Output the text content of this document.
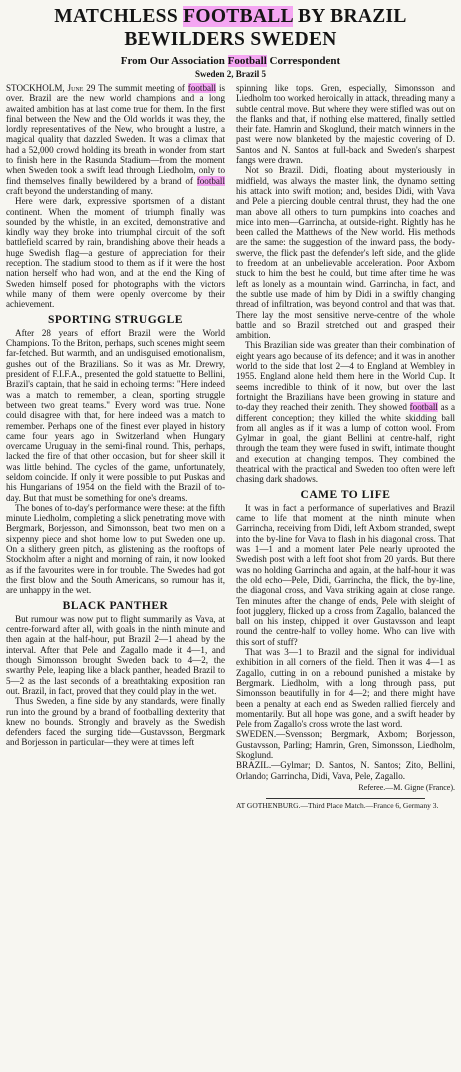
MATCHLESS FOOTBALL BY BRAZIL
BEWILDERS SWEDEN
From Our Association Football Correspondent
Sweden 2, Brazil 5

STOCKHOLM, June 29 The summit meeting of football is over. Brazil are the new world champions and a long awaited ambition has at last come true for them. In the first final between the New and the Old worlds it was they, the lordly representatives of the New, who brought a lustre, a magical quality that dazzled Sweden. It was a climax that had a 52,000 crowd holding its breath in wonder from start to finish here in the Rasunda Stadium—from the moment when Sweden took a swift lead through Liedholm, only to find themselves finally bewildered by a brand of football craft beyond the understanding of many.

Here were dark, expressive sportsmen of a distant continent. When the moment of triumph finally was sounded by the whistle, in an excited, demonstrative and kindly way they broke into triumphal circuit of the soft battlefield scarred by rain, brandishing above their heads a huge Swedish flag—a gesture of appreciation for their reception. The stadium stood to them as if it were the host nation herself who had won, and at the end the King of Sweden himself posed for photographs with the victors while many of them were openly overcome by their achievement.

SPORTING STRUGGLE

After 28 years of effort Brazil were the World Champions. To the Briton, perhaps, such scenes might seem far-fetched. But warmth, and an undisguised emotionalism, gushes out of the Brazilians. So it was as Mr. Drewry, president of F.I.F.A., presented the gold statuette to Bellini, Brazil's captain, that he said in echoing terms: "Here indeed was a match to remember, a clean, sporting struggle between two great teams." Every word was true. None could disagree with that, for here indeed was a match to remember. Perhaps one of the finest ever played in history came four years ago in Switzerland when Hungary overcame Uruguay in the semi-final round. This, perhaps, lacked the fire of that other occasion, but for sheer skill it was little behind. The cycles of the game, unfortunately, seldom coincide. If only it were possible to put Puskas and his Hungarians of 1954 on the field with the Brazil of to-day. But that must be something for one's dreams.

The bones of to-day's performance were these: at the fifth minute Liedholm, completing a slick penetrating move with Bergmark, Borjesson, and Simonsson, beat two men on a sixpenny piece and shot home low to put Sweden one up. On a slithery green pitch, as glistening as the rooftops of Stockholm after a night and morning of rain, it now looked as if the favourites were in for trouble. The Swedes had got the first blow and the South Americans, so rumour has it, are unhappy in the wet.

BLACK PANTHER

But rumour was now put to flight summarily as Vava, at centre-forward after all, with goals in the ninth minute and then again at the half-hour, put Brazil 2—1 ahead by the interval. After that Pele and Zagallo made it 4—1, and though Simonsson brought Sweden back to 4—2, the swarthy Pele, leaping like a black panther, headed Brazil to 5—2 as the last seconds of a breathtaking exposition ran out. Brazil, in fact, proved that they could play in the wet.

Thus Sweden, a fine side by any standards, were finally run into the ground by a brand of footballing dexterity that knew no bounds. Strongly and bravely as the Swedish defenders faced the surging tide—Gustavsson, Bergmark and Borjesson in particular—they were at times left

spinning like tops. Gren, especially, Simonsson and Liedholm too worked heroically in attack, threading many a subtle central move. But where they were stifled was out on the flanks and that, if nothing else mattered, finally settled their fate. Hamrin and Skoglund, their match winners in the past were now blanketed by the majestic covering of D. Santos and N. Santos at full-back and Sweden's sharpest fangs were drawn.

Not so Brazil. Didi, floating about mysteriously in midfield, was always the master link, the dynamo setting his attack into swift motion; and, besides Didi, with Vava and Pele a piercing double central thrust, they had the one man above all others to turn pumpkins into coaches and mice into men—Garrincha, at outside-right. Rightly has he been called the Matthews of the New world. His methods are the same: the suggestion of the inward pass, the body-swerve, the flick past the defender's left side, and the glide to freedom at an unbelievable acceleration. Poor Axbom stuck to him the best he could, but time after time he was left as lonely as a mountain wind. Garrincha, in fact, and the subtle use made of him by Didi in a swiftly changing thread of infiltration, was beyond control and that was that. There lay the most sensitive nerve-centre of the whole battle and so Brazil stretched out and grasped their ambition.

This Brazilian side was greater than their combination of eight years ago because of its defence; and it was in another world to the side that lost 2—4 to England at Wembley in 1955. England alone held them here in the World Cup. It seems incredible to think of it now, but over the last fortnight the Brazilians have been growing in stature and to-day they reached their zenith. They showed football as a different conception; they killed the white skidding ball from all angles as if it was a lump of cotton wool. From Gylmar in goal, the giant Bellini at centre-half, right through the team they were fused in swift, intimate thought and execution at changing tempos. They combined the theatrical with the practical and Sweden too often were left chasing dark shadows.

CAME TO LIFE

It was in fact a performance of superlatives and Brazil came to life that moment at the ninth minute when Garrincha, receiving from Didi, left Axbom stranded, swept into the by-line for Vava to flash in his diagonal cross. That was 1—1 and a moment later Pele nearly uprooted the Swedish post with a left foot shot from 20 yards. But there was no holding Garrincha and again, at the half-hour it was the old echo—Pele, Didi, Garrincha, the flick, the by-line, the diagonal cross, and Vava striking again at close range. Ten minutes after the change of ends, Pele with sleight of foot jugglery, flicked up a cross from Zagallo, balanced the ball on his instep, chipped it over Gustavsson and leapt round the centre-half to volley home. Who can live with this sort of stuff?

That was 3—1 to Brazil and the signal for individual exhibition in all corners of the field. Then it was 4—1 as Zagallo, cutting in on a rebound punished a mistake by Bergmark. Liedholm, with a long through pass, put Simonsson beautifully in for 4—2; and there might have been a penalty at each end as Sweden rallied fiercely and momentarily. But all hope was gone, and a swift header by Pele from Zagallo's cross wrote the last word.

SWEDEN.—Svensson; Bergmark, Axbom; Borjesson, Gustavsson, Parling; Hamrin, Gren, Simonsson, Liedholm, Skoglund.

BRAZIL.—Gylmar; D. Santos, N. Santos; Zito, Bellini, Orlando; Garrincha, Didi, Vava, Pele, Zagallo.

Referee.—M. Gigne (France).

AT GOTHENBURG.—Third Place Match.—France 6, Germany 3.
